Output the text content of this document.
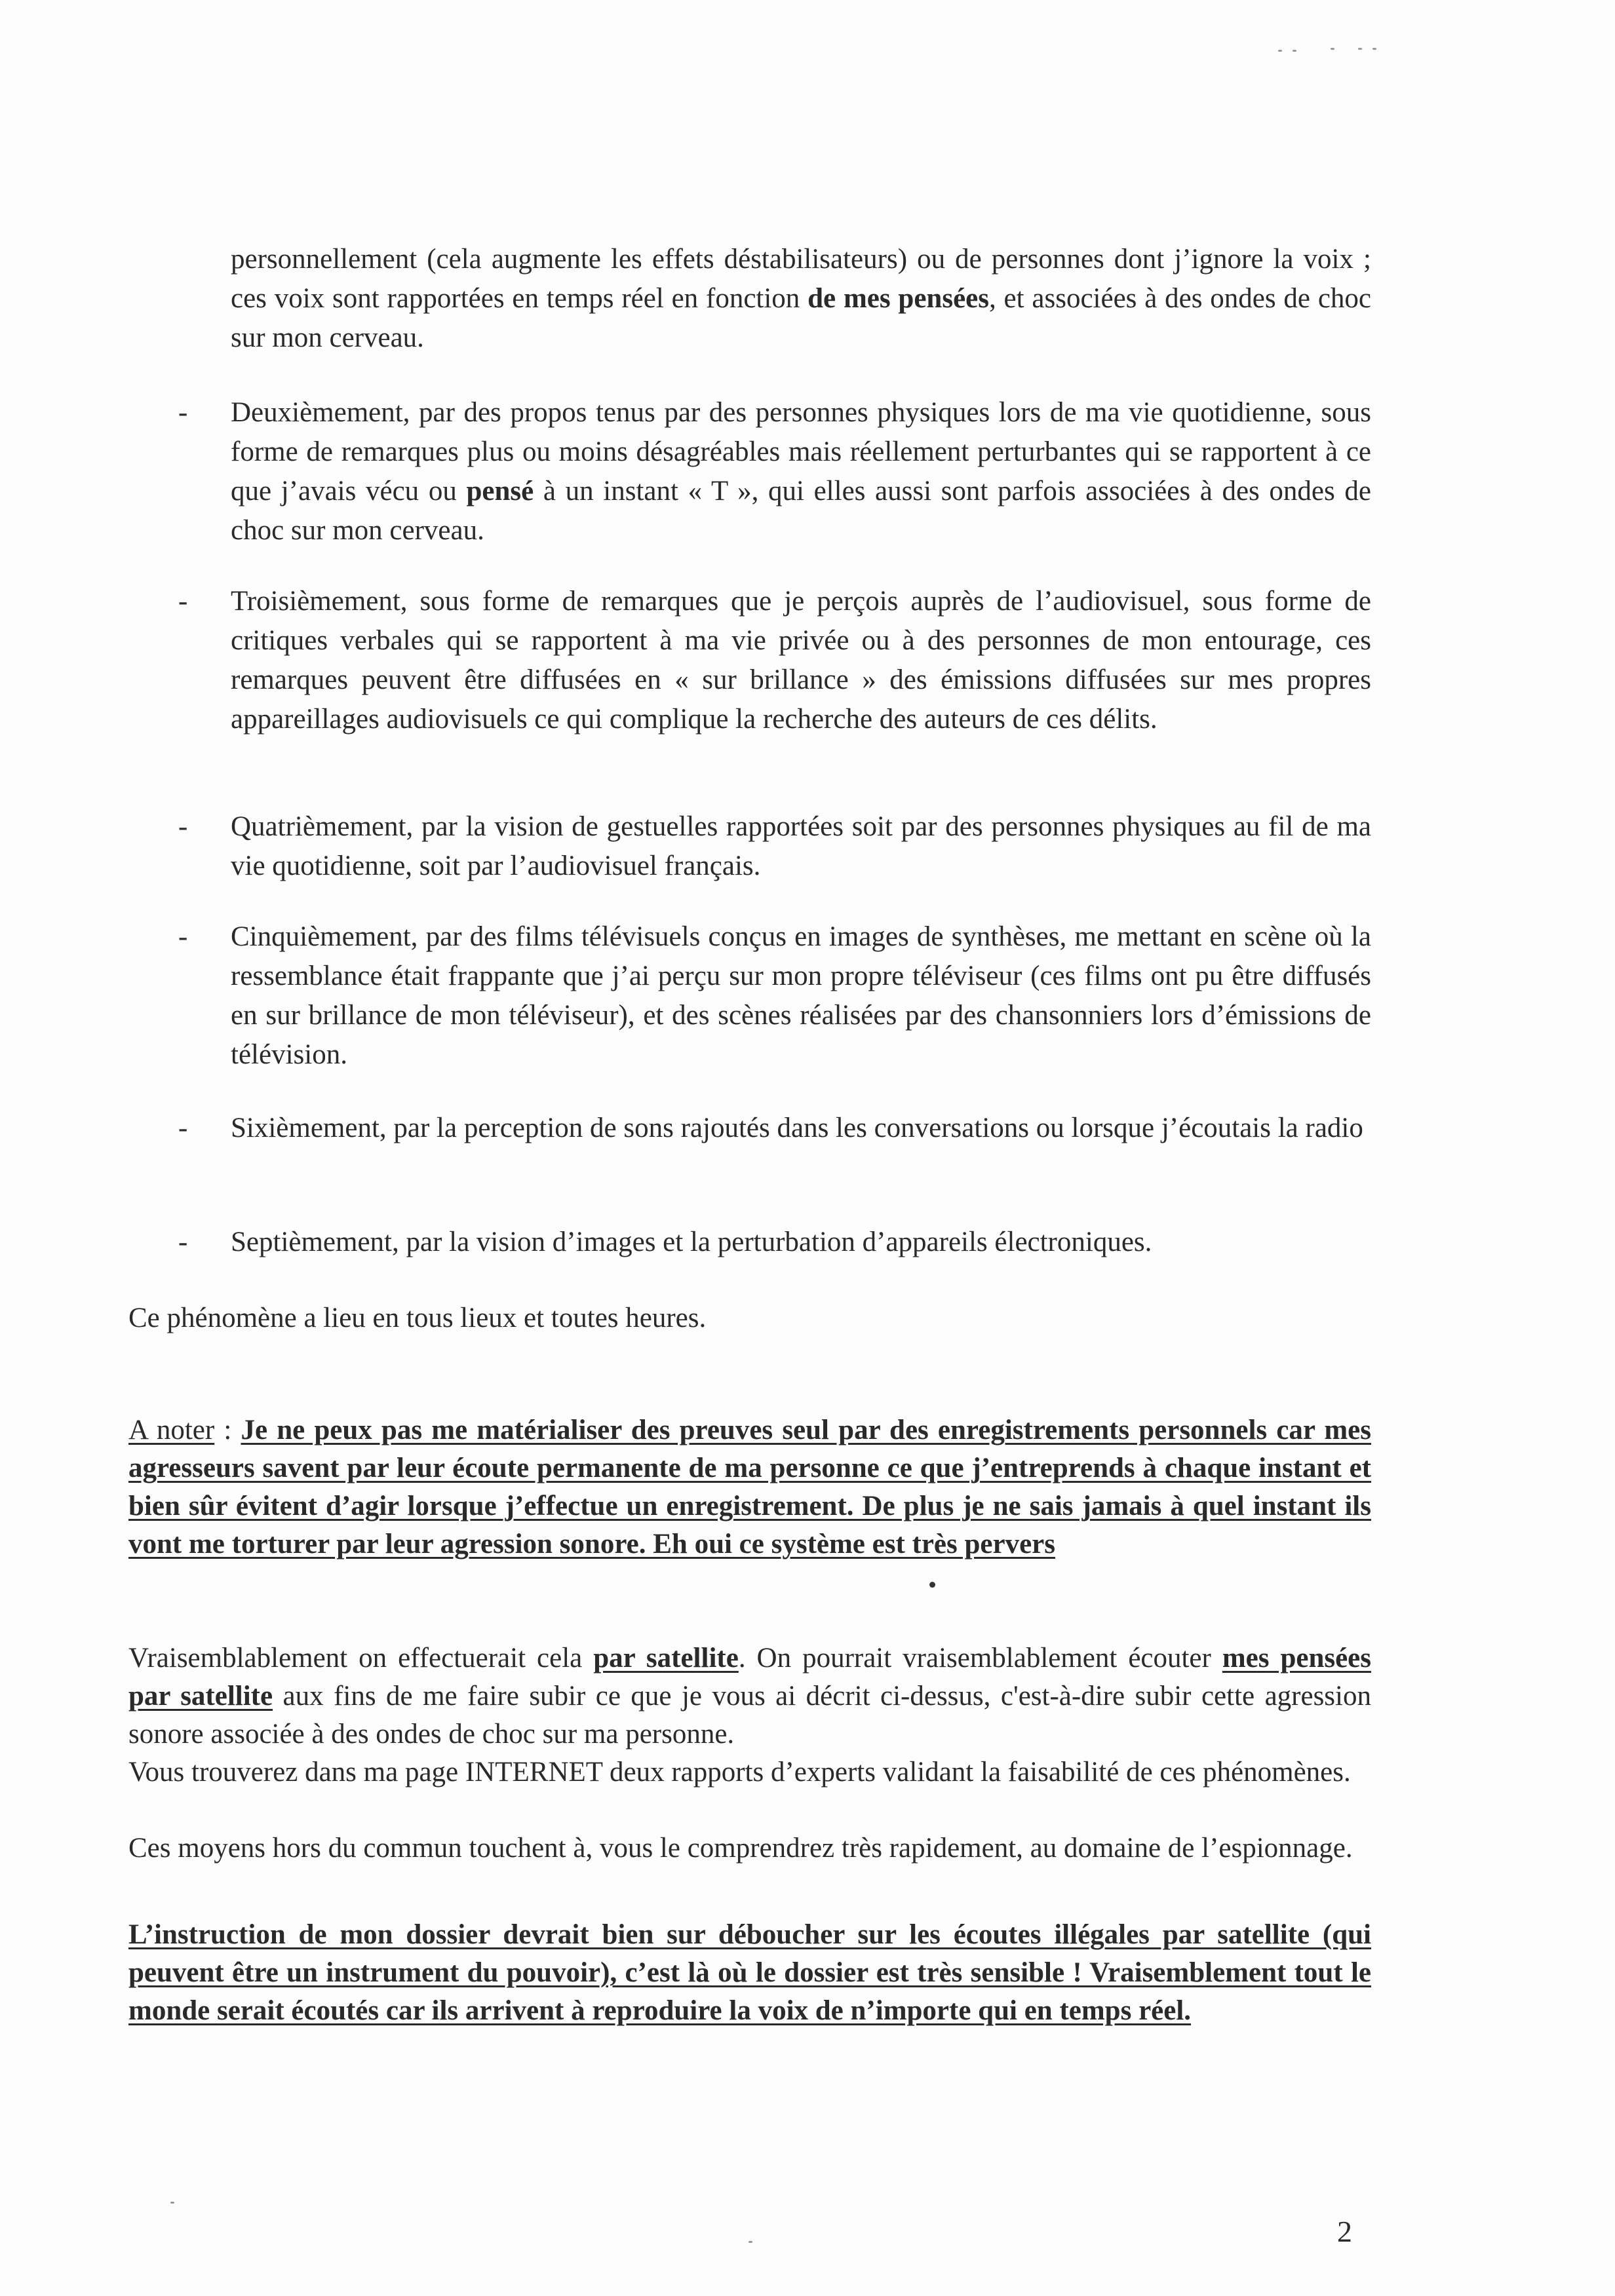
personnellement (cela augmente les effets déstabilisateurs) ou de personnes dont j’ignore la voix ; ces voix sont rapportées en temps réel en fonction de mes pensées, et associées à des ondes de choc sur mon cerveau.

- Deuxièmement, par des propos tenus par des personnes physiques lors de ma vie quotidienne, sous forme de remarques plus ou moins désagréables mais réellement perturbantes qui se rapportent à ce que j’avais vécu ou pensé à un instant « T », qui elles aussi sont parfois associées à des ondes de choc sur mon cerveau.

- Troisièmement, sous forme de remarques que je perçois auprès de l’audiovisuel, sous forme de critiques verbales qui se rapportent à ma vie privée ou à des personnes de mon entourage, ces remarques peuvent être diffusées en « sur brillance » des émissions diffusées sur mes propres appareillages audiovisuels ce qui complique la recherche des auteurs de ces délits.

- Quatrièmement, par la vision de gestuelles rapportées soit par des personnes physiques au fil de ma vie quotidienne, soit par l’audiovisuel français.

- Cinquièmement, par des films télévisuels conçus en images de synthèses, me mettant en scène où la ressemblance était frappante que j’ai perçu sur mon propre téléviseur (ces films ont pu être diffusés en sur brillance de mon téléviseur), et des scènes réalisées par des chansonniers lors d’émissions de télévision.

- Sixièmement, par la perception de sons rajoutés dans les conversations ou lorsque j’écoutais la radio

- Septièmement, par la vision d’images et la perturbation d’appareils électroniques.

Ce phénomène a lieu en tous lieux et toutes heures.

A noter : Je ne peux pas me matérialiser des preuves seul par des enregistrements personnels car mes agresseurs savent par leur écoute permanente de ma personne ce que j’entreprends à chaque instant et bien sûr évitent d’agir lorsque j’effectue un enregistrement. De plus je ne sais jamais à quel instant ils vont me torturer par leur agression sonore. Eh oui ce système est très pervers

Vraisemblablement on effectuerait cela par satellite. On pourrait vraisemblablement écouter mes pensées par satellite aux fins de me faire subir ce que je vous ai décrit ci-dessus, c'est-à-dire subir cette agression sonore associée à des ondes de choc sur ma personne.

Vous trouverez dans ma page INTERNET deux rapports d’experts validant la faisabilité de ces phénomènes.

Ces moyens hors du commun touchent à, vous le comprendrez très rapidement, au domaine de l’espionnage.

L’instruction de mon dossier devrait bien sur déboucher sur les écoutes illégales par satellite (qui peuvent être un instrument du pouvoir), c’est là où le dossier est très sensible ! Vraisemblement tout le monde serait écoutés car ils arrivent à reproduire la voix de n’importe qui en temps réel.

2
